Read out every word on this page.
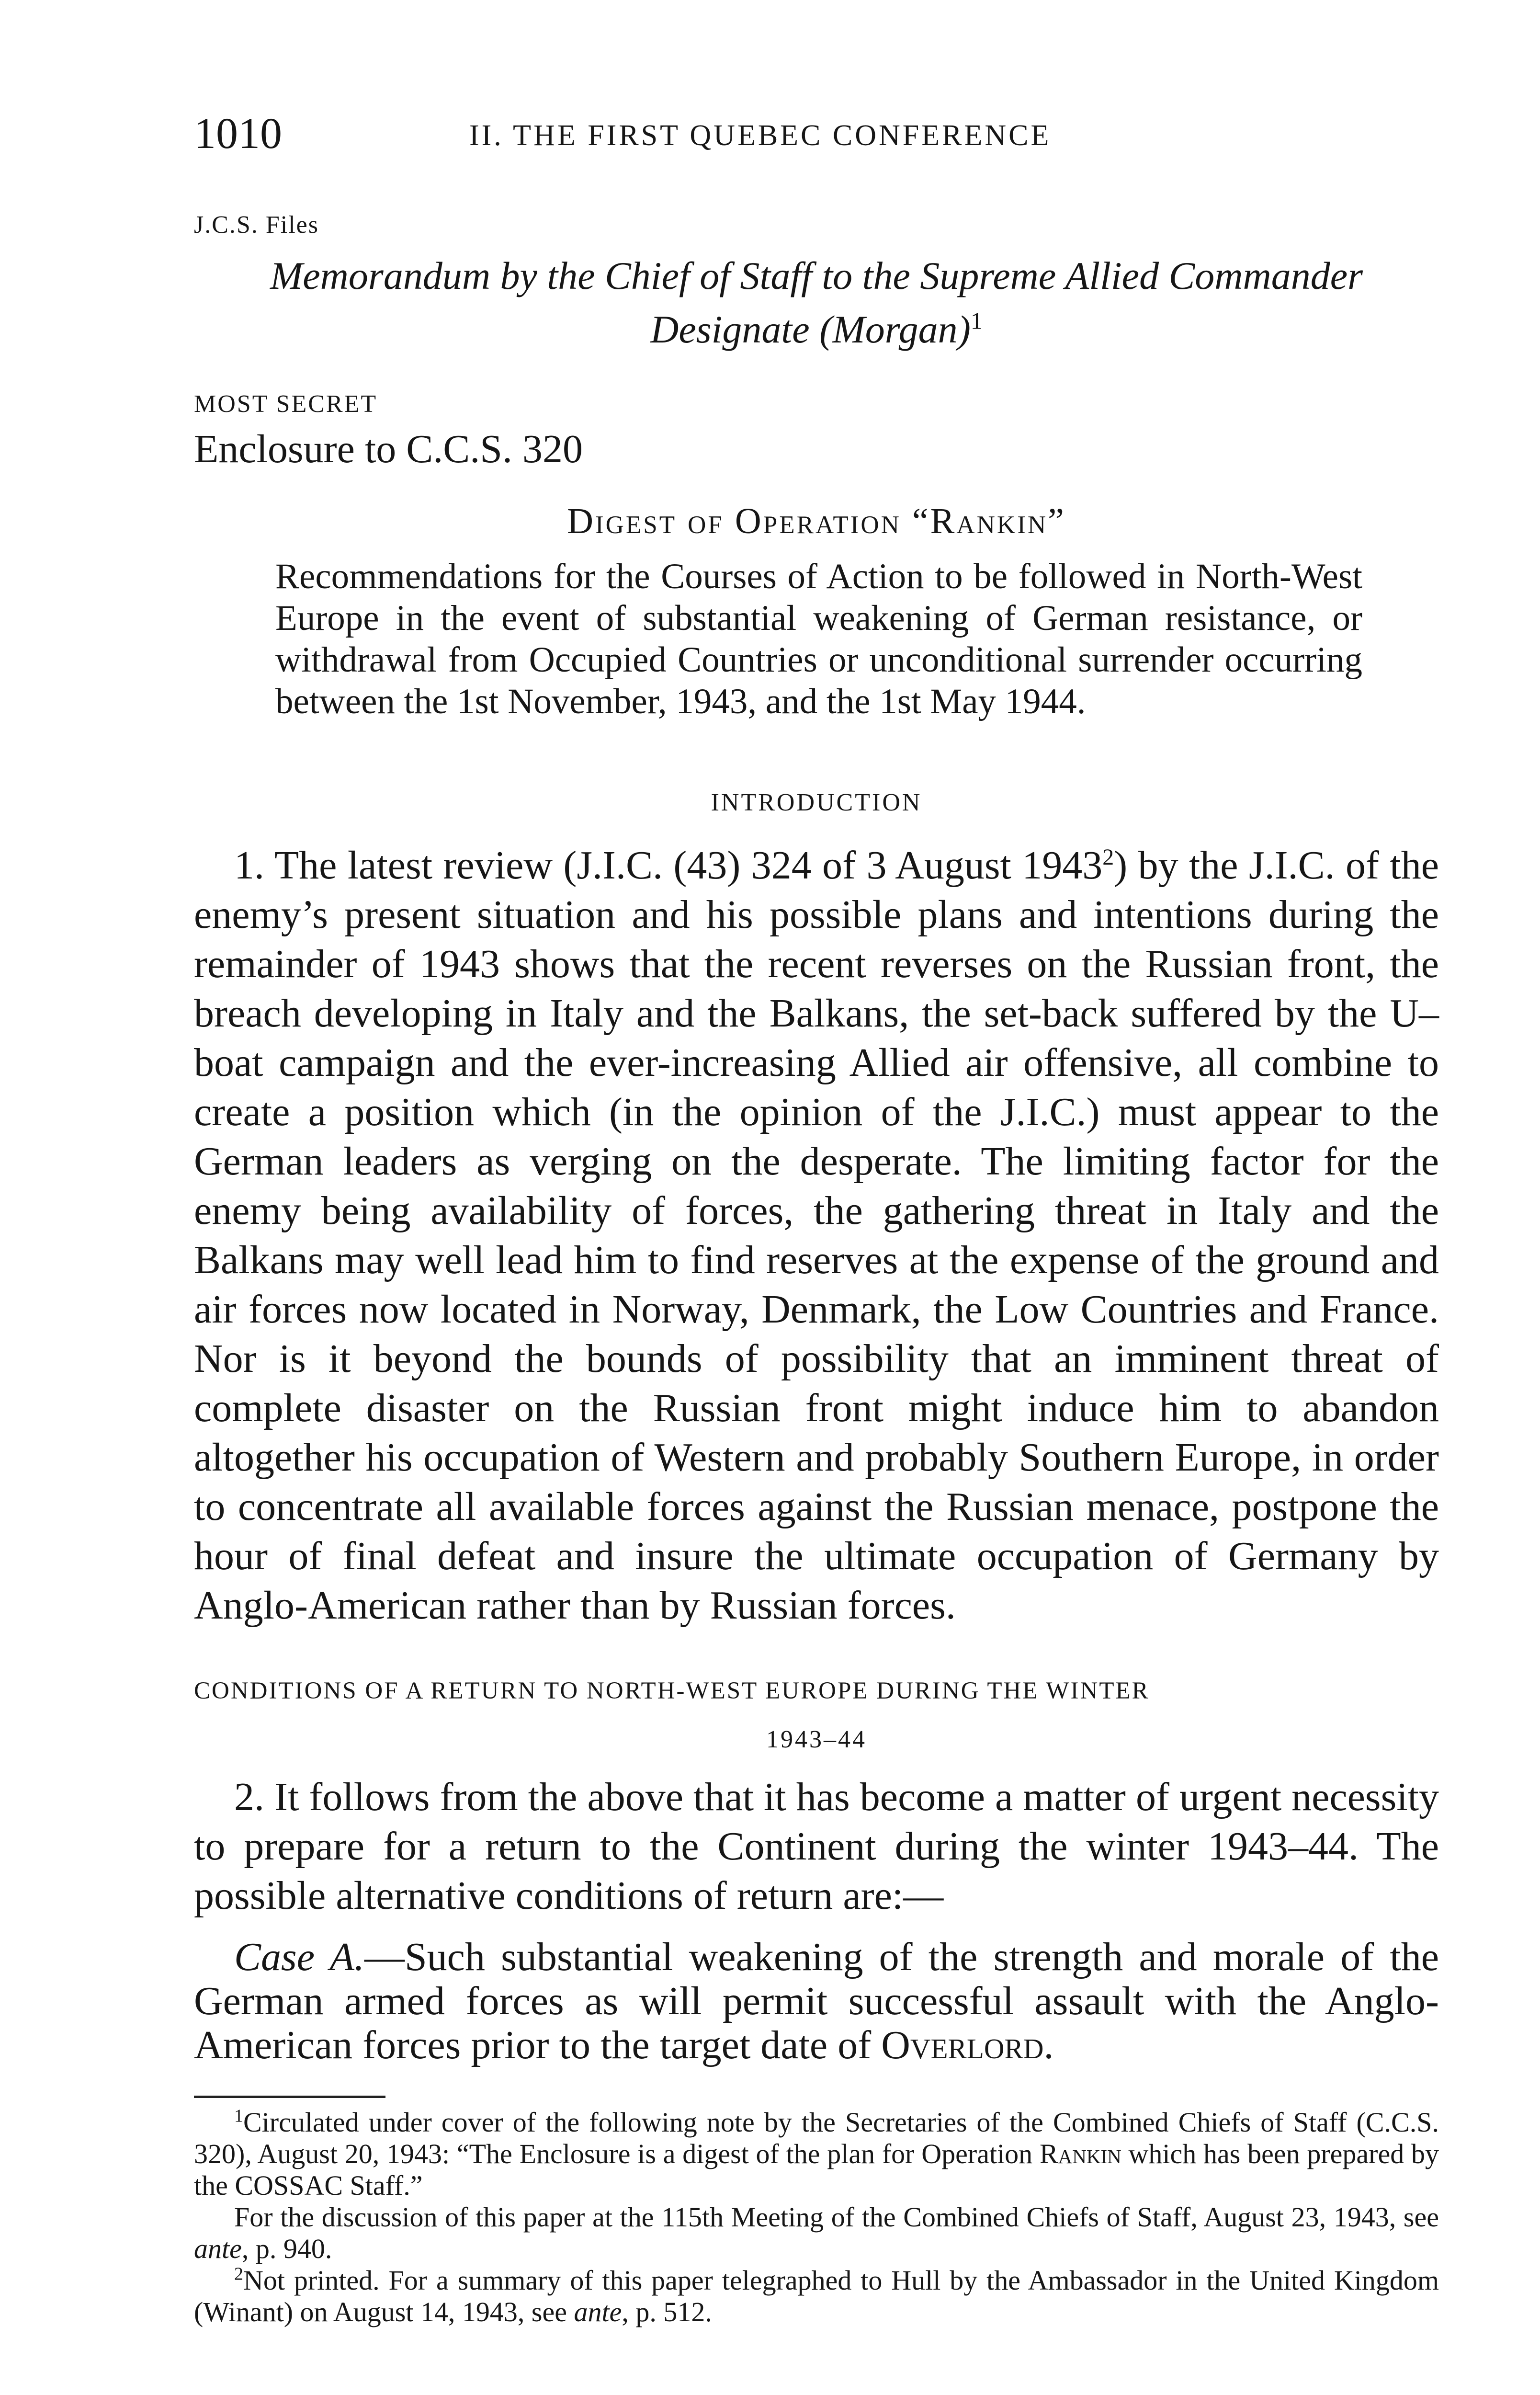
1010	II. THE FIRST QUEBEC CONFERENCE
J.C.S. Files
Memorandum by the Chief of Staff to the Supreme Allied Commander Designate (Morgan)$^1$
MOST SECRET
Enclosure to C.C.S. 320
Digest of Operation “Rankin”
Recommendations for the Courses of Action to be followed in North-West Europe in the event of substantial weakening of German resistance, or withdrawal from Occupied Countries or unconditional surrender occurring between the 1st November, 1943, and the 1st May 1944.
INTRODUCTION
1. The latest review (J.I.C. (43) 324 of 3 August 1943$^2$) by the J.I.C. of the enemy’s present situation and his possible plans and intentions during the remainder of 1943 shows that the recent reverses on the Russian front, the breach developing in Italy and the Balkans, the set-back suffered by the U–boat campaign and the ever-increasing Allied air offensive, all combine to create a position which (in the opinion of the J.I.C.) must appear to the German leaders as verging on the desperate. The limiting factor for the enemy being availability of forces, the gathering threat in Italy and the Balkans may well lead him to find reserves at the expense of the ground and air forces now located in Norway, Denmark, the Low Countries and France. Nor is it beyond the bounds of possibility that an imminent threat of complete disaster on the Russian front might induce him to abandon altogether his occupation of Western and probably Southern Europe, in order to concentrate all available forces against the Russian menace, postpone the hour of final defeat and insure the ultimate occupation of Germany by Anglo-American rather than by Russian forces.
CONDITIONS OF A RETURN TO NORTH-WEST EUROPE DURING THE WINTER
1943–44
2. It follows from the above that it has become a matter of urgent necessity to prepare for a return to the Continent during the winter 1943–44. The possible alternative conditions of return are:—
Case A.—Such substantial weakening of the strength and morale of the German armed forces as will permit successful assault with the Anglo-American forces prior to the target date of Overlord.

$^1$Circulated under cover of the following note by the Secretaries of the Combined Chiefs of Staff (C.C.S. 320), August 20, 1943: “The Enclosure is a digest of the plan for Operation Rankin which has been prepared by the COSSAC Staff.”

For the discussion of this paper at the 115th Meeting of the Combined Chiefs of Staff, August 23, 1943, see ante, p. 940.

$^2$Not printed. For a summary of this paper telegraphed to Hull by the Ambassador in the United Kingdom (Winant) on August 14, 1943, see ante, p. 512.
